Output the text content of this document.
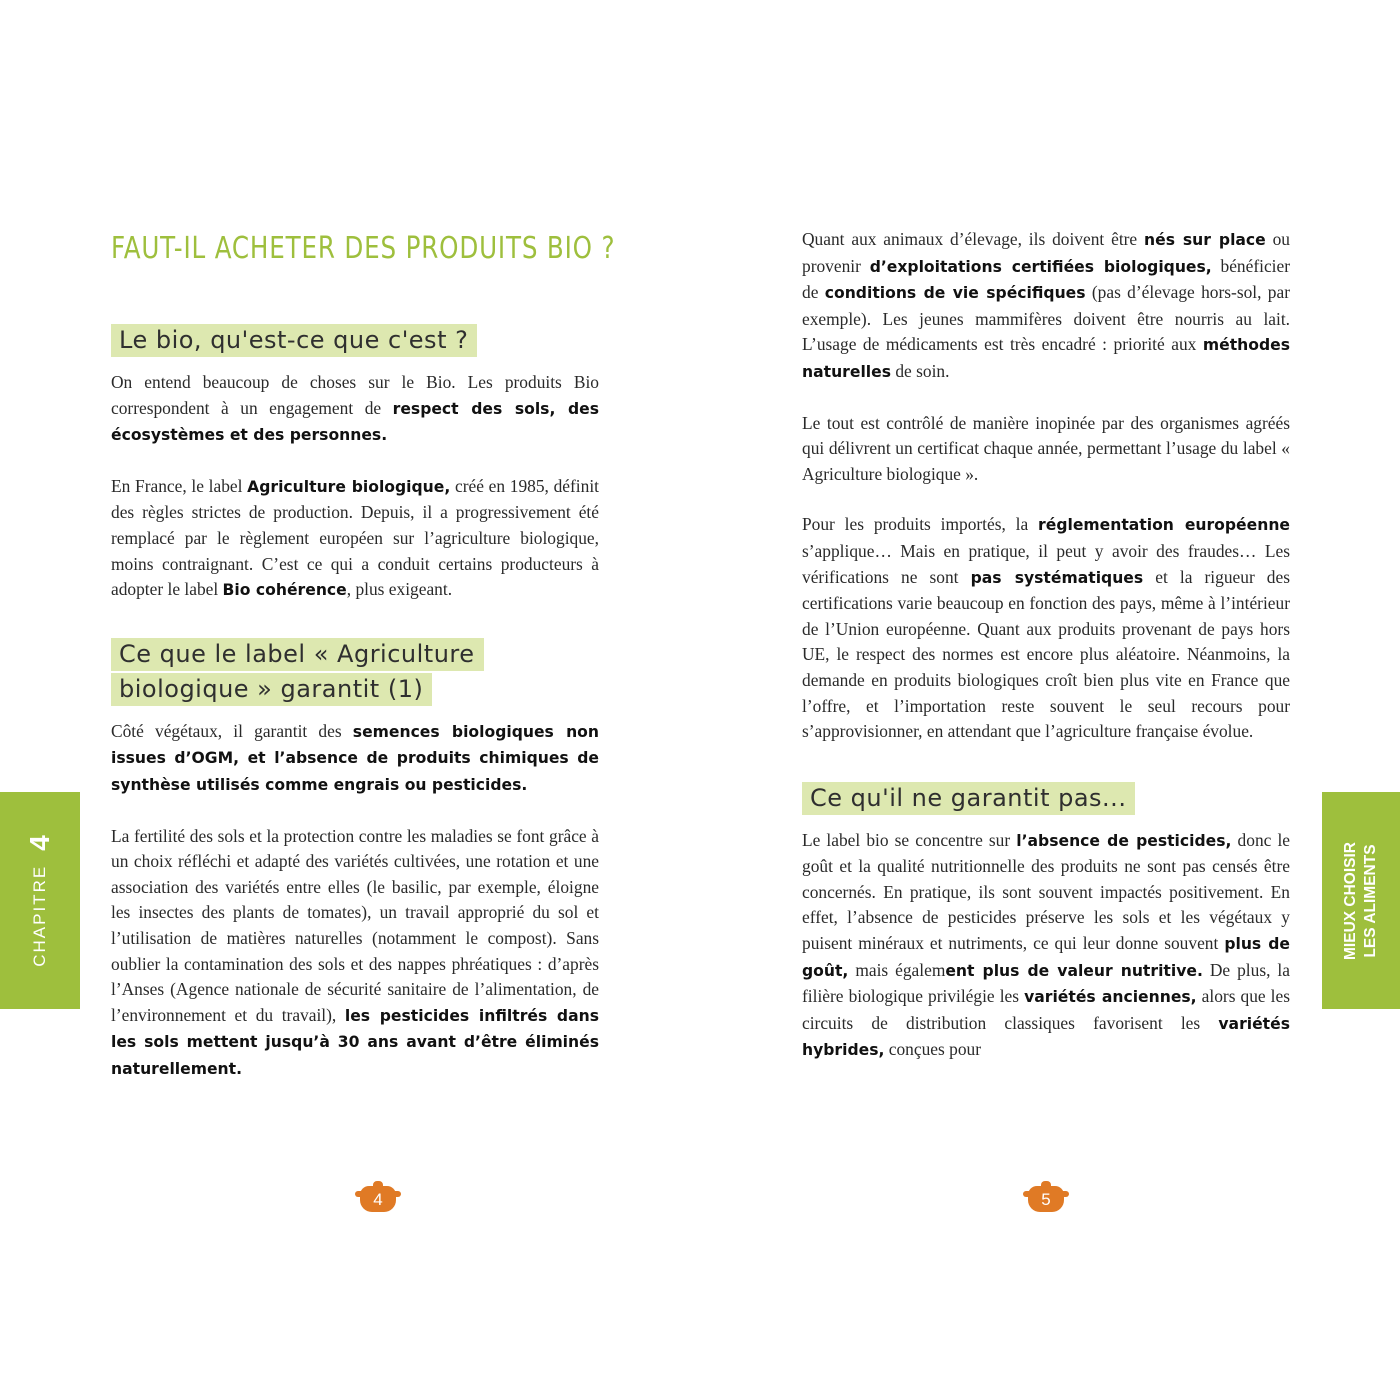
FAUT-IL ACHETER DES PRODUITS BIO ?
Le bio, qu'est-ce que c'est ?

On entend beaucoup de choses sur le Bio. Les produits Bio correspondent à un engagement de respect des sols, des écosystèmes et des personnes.

En France, le label Agriculture biologique, créé en 1985, définit des règles strictes de production. Depuis, il a progressivement été remplacé par le règlement européen sur l’agriculture biologique, moins contraignant. C’est ce qui a conduit certains producteurs à adopter le label Bio cohérence, plus exigeant.

Ce que le label « Agriculture biologique » garantit (1)

Côté végétaux, il garantit des semences biologiques non issues d’OGM, et l’absence de produits chimiques de synthèse utilisés comme engrais ou pesticides.

La fertilité des sols et la protection contre les maladies se font grâce à un choix réfléchi et adapté des variétés cultivées, une rotation et une association des variétés entre elles (le basilic, par exemple, éloigne les insectes des plants de tomates), un travail approprié du sol et l’utilisation de matières naturelles (notamment le compost). Sans oublier la contamination des sols et des nappes phréatiques : d’après l’Anses (Agence nationale de sécurité sanitaire de l’alimentation, de l’environnement et du travail), les pesticides infiltrés dans les sols mettent jusqu’à 30 ans avant d’être éliminés naturellement.

Quant aux animaux d’élevage, ils doivent être nés sur place ou provenir d’exploitations certifiées biologiques, bénéficier de conditions de vie spécifiques (pas d’élevage hors-sol, par exemple). Les jeunes mammifères doivent être nourris au lait. L’usage de médicaments est très encadré : priorité aux méthodes naturelles de soin.

Le tout est contrôlé de manière inopinée par des organismes agréés qui délivrent un certificat chaque année, permettant l’usage du label « Agriculture biologique ».

Pour les produits importés, la réglementation européenne s’applique… Mais en pratique, il peut y avoir des fraudes… Les vérifications ne sont pas systématiques et la rigueur des certifications varie beaucoup en fonction des pays, même à l’intérieur de l’Union européenne. Quant aux produits provenant de pays hors UE, le respect des normes est encore plus aléatoire. Néanmoins, la demande en produits biologiques croît bien plus vite en France que l’offre, et l’importation reste souvent le seul recours pour s’approvisionner, en attendant que l’agriculture française évolue.

Ce qu'il ne garantit pas...

Le label bio se concentre sur l’absence de pesticides, donc le goût et la qualité nutritionnelle des produits ne sont pas censés être concernés. En pratique, ils sont souvent impactés positivement. En effet, l’absence de pesticides préserve les sols et les végétaux y puisent minéraux et nutriments, ce qui leur donne souvent plus de goût, mais également plus de valeur nutritive. De plus, la filière biologique privilégie les variétés anciennes, alors que les circuits de distribution classiques favorisent les variétés hybrides, conçues pour

CHAPITRE
4	MIEUX CHOISIR LES ALIMENTS
4	5
